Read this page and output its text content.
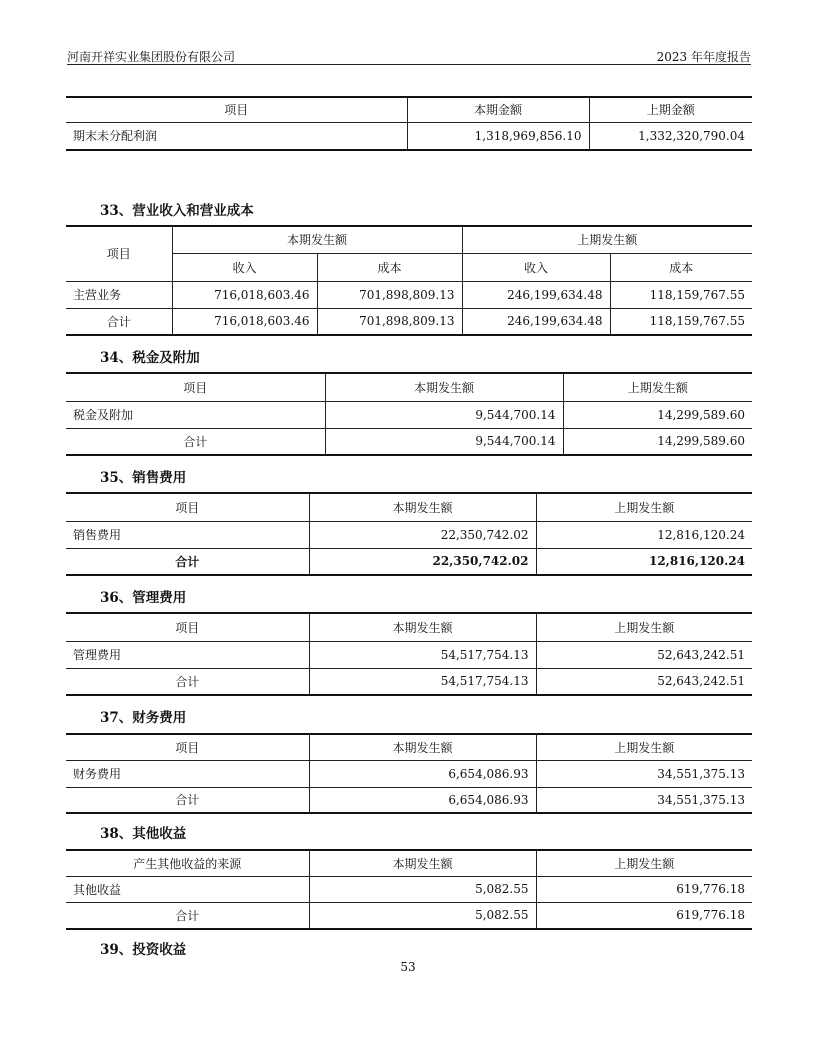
河南开祥实业集团股份有限公司	2023 年年度报告
项目	本期金额	上期金额
期末未分配利润	1,318,969,856.10	1,332,320,790.04
33、营业收入和营业成本
项目	本期发生额		上期发生额	
	收入	成本	收入	成本
主营业务	716,018,603.46	701,898,809.13	246,199,634.48	118,159,767.55
合计	716,018,603.46	701,898,809.13	246,199,634.48	118,159,767.55
34、税金及附加
项目	本期发生额	上期发生额
税金及附加	9,544,700.14	14,299,589.60
合计	9,544,700.14	14,299,589.60
35、销售费用
项目	本期发生额	上期发生额
销售费用	22,350,742.02	12,816,120.24
合计	22,350,742.02	12,816,120.24
36、管理费用
项目	本期发生额	上期发生额
管理费用	54,517,754.13	52,643,242.51
合计	54,517,754.13	52,643,242.51
37、财务费用
项目	本期发生额	上期发生额
财务费用	6,654,086.93	34,551,375.13
合计	6,654,086.93	34,551,375.13
38、其他收益
产生其他收益的来源	本期发生额	上期发生额
其他收益	5,082.55	619,776.18
合计	5,082.55	619,776.18
39、投资收益
53
